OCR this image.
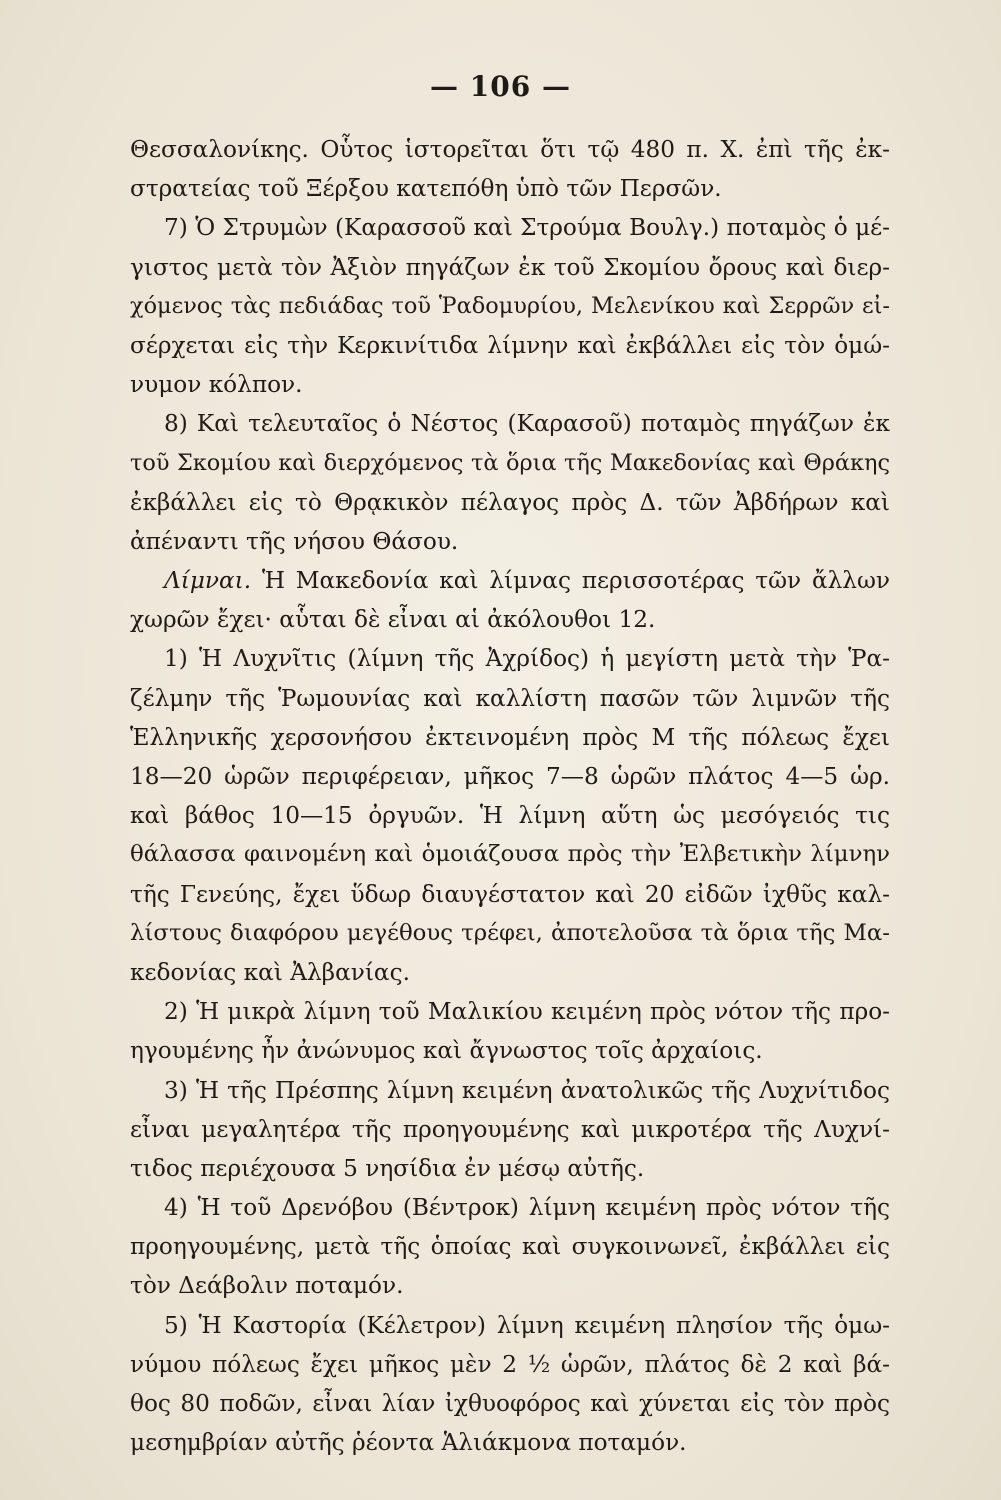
— 106 —
Θεσσαλονίκης. Οὗτος ἱστορεῖται ὅτι τῷ 480 π. Χ. ἐπὶ τῆς ἐκ-
στρατείας τοῦ Ξέρξου κατεπόθη ὑπὸ τῶν Περσῶν.
7) Ὁ Στρυμὼν (Καρασσοῦ καὶ Στρούμα Βουλγ.) ποταμὸς ὁ μέ-
γιστος μετὰ τὸν Ἀξιὸν πηγάζων ἐκ τοῦ Σκομίου ὄρους καὶ διερ-
χόμενος τὰς πεδιάδας τοῦ Ῥαδομυρίου, Μελενίκου καὶ Σερρῶν εἰ-
σέρχεται εἰς τὴν Κερκινίτιδα λίμνην καὶ ἐκβάλλει εἰς τὸν ὁμώ-
νυμον κόλπον.
8) Καὶ τελευταῖος ὁ Νέστος (Καρασοῦ) ποταμὸς πηγάζων ἐκ
τοῦ Σκομίου καὶ διερχόμενος τὰ ὅρια τῆς Μακεδονίας καὶ Θράκης
ἐκβάλλει εἰς τὸ Θρᾳκικὸν πέλαγος πρὸς Δ. τῶν Ἀβδήρων καὶ
ἀπέναντι τῆς νήσου Θάσου.
Λίμναι. Ἡ Μακεδονία καὶ λίμνας περισσοτέρας τῶν ἄλλων
χωρῶν ἔχει· αὗται δὲ εἶναι αἱ ἀκόλουθοι 12.
1) Ἡ Λυχνῖτις (λίμνη τῆς Ἀχρίδος) ἡ μεγίστη μετὰ τὴν Ῥα-
ζέλμην τῆς Ῥωμουνίας καὶ καλλίστη πασῶν τῶν λιμνῶν τῆς
Ἑλληνικῆς χερσονήσου ἐκτεινομένη πρὸς Μ τῆς πόλεως ἔχει
18—20 ὡρῶν περιφέρειαν, μῆκος 7—8 ὡρῶν πλάτος 4—5 ὡρ.
καὶ βάθος 10—15 ὀργυῶν. Ἡ λίμνη αὕτη ὡς μεσόγειός τις
θάλασσα φαινομένη καὶ ὁμοιάζουσα πρὸς τὴν Ἐλβετικὴν λίμνην
τῆς Γενεύης, ἔχει ὕδωρ διαυγέστατον καὶ 20 εἰδῶν ἰχθῦς καλ-
λίστους διαφόρου μεγέθους τρέφει, ἀποτελοῦσα τὰ ὅρια τῆς Μα-
κεδονίας καὶ Ἀλβανίας.
2) Ἡ μικρὰ λίμνη τοῦ Μαλικίου κειμένη πρὸς νότον τῆς προ-
ηγουμένης ἦν ἀνώνυμος καὶ ἄγνωστος τοῖς ἀρχαίοις.
3) Ἡ τῆς Πρέσπης λίμνη κειμένη ἀνατολικῶς τῆς Λυχνίτιδος
εἶναι μεγαλητέρα τῆς προηγουμένης καὶ μικροτέρα τῆς Λυχνί-
τιδος περιέχουσα 5 νησίδια ἐν μέσῳ αὐτῆς.
4) Ἡ τοῦ Δρενόβου (Βέντροκ) λίμνη κειμένη πρὸς νότον τῆς
προηγουμένης, μετὰ τῆς ὁποίας καὶ συγκοινωνεῖ, ἐκβάλλει εἰς
τὸν Δεάβολιν ποταμόν.
5) Ἡ Καστορία (Κέλετρον) λίμνη κειμένη πλησίον τῆς ὁμω-
νύμου πόλεως ἔχει μῆκος μὲν 2 ½ ὡρῶν, πλάτος δὲ 2 καὶ βά-
θος 80 ποδῶν, εἶναι λίαν ἰχθυοφόρος καὶ χύνεται εἰς τὸν πρὸς
μεσημβρίαν αὐτῆς ῥέοντα Ἁλιάκμονα ποταμόν.
